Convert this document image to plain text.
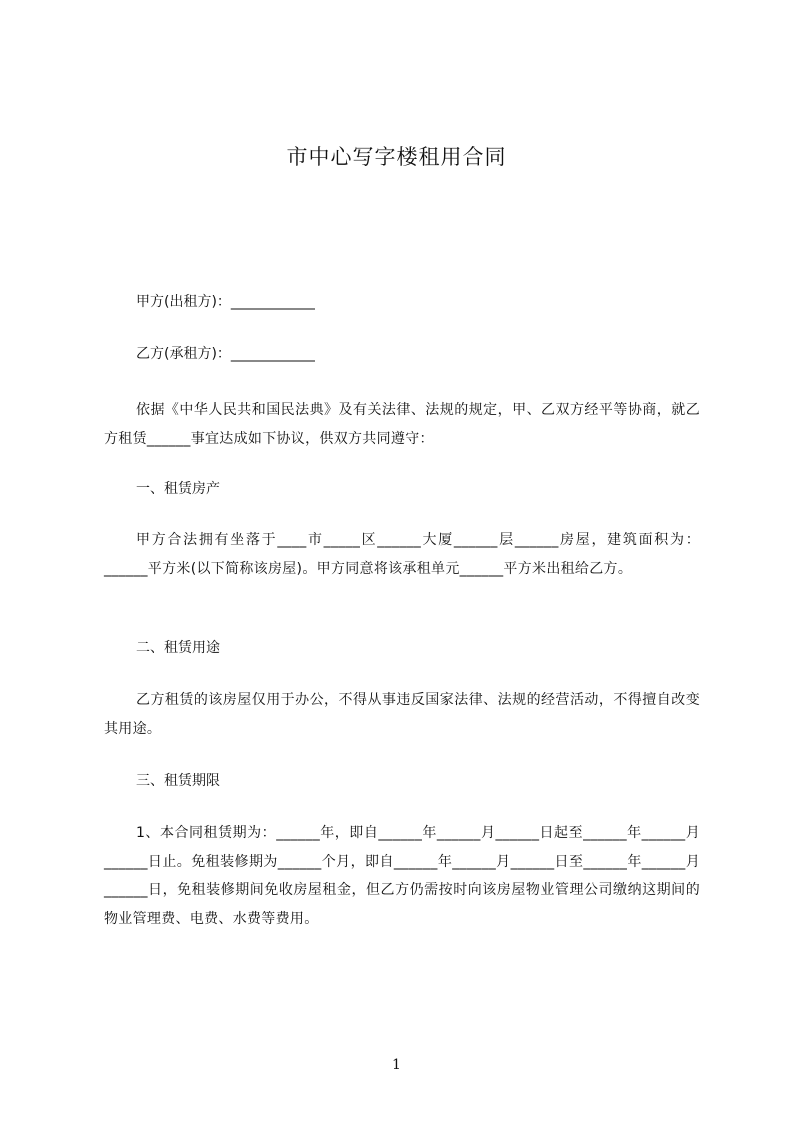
市中心写字楼租用合同
甲方(出租方)：____________
乙方(承租方)：____________
依据《中华人民共和国民法典》及有关法律、法规的规定，甲、乙双方经平等协商，就乙方租赁______事宜达成如下协议，供双方共同遵守：
一、租赁房产
甲方合法拥有坐落于____市_____区______大厦______层______房屋，建筑面积为：______平方米(以下简称该房屋)。甲方同意将该承租单元______平方米出租给乙方。
二、租赁用途
乙方租赁的该房屋仅用于办公，不得从事违反国家法律、法规的经营活动，不得擅自改变其用途。
三、租赁期限
1、本合同租赁期为：______年，即自______年______月______日起至______年______月______日止。免租装修期为______个月，即自______年______月______日至______年______月______日，免租装修期间免收房屋租金，但乙方仍需按时向该房屋物业管理公司缴纳这期间的物业管理费、电费、水费等费用。
1
